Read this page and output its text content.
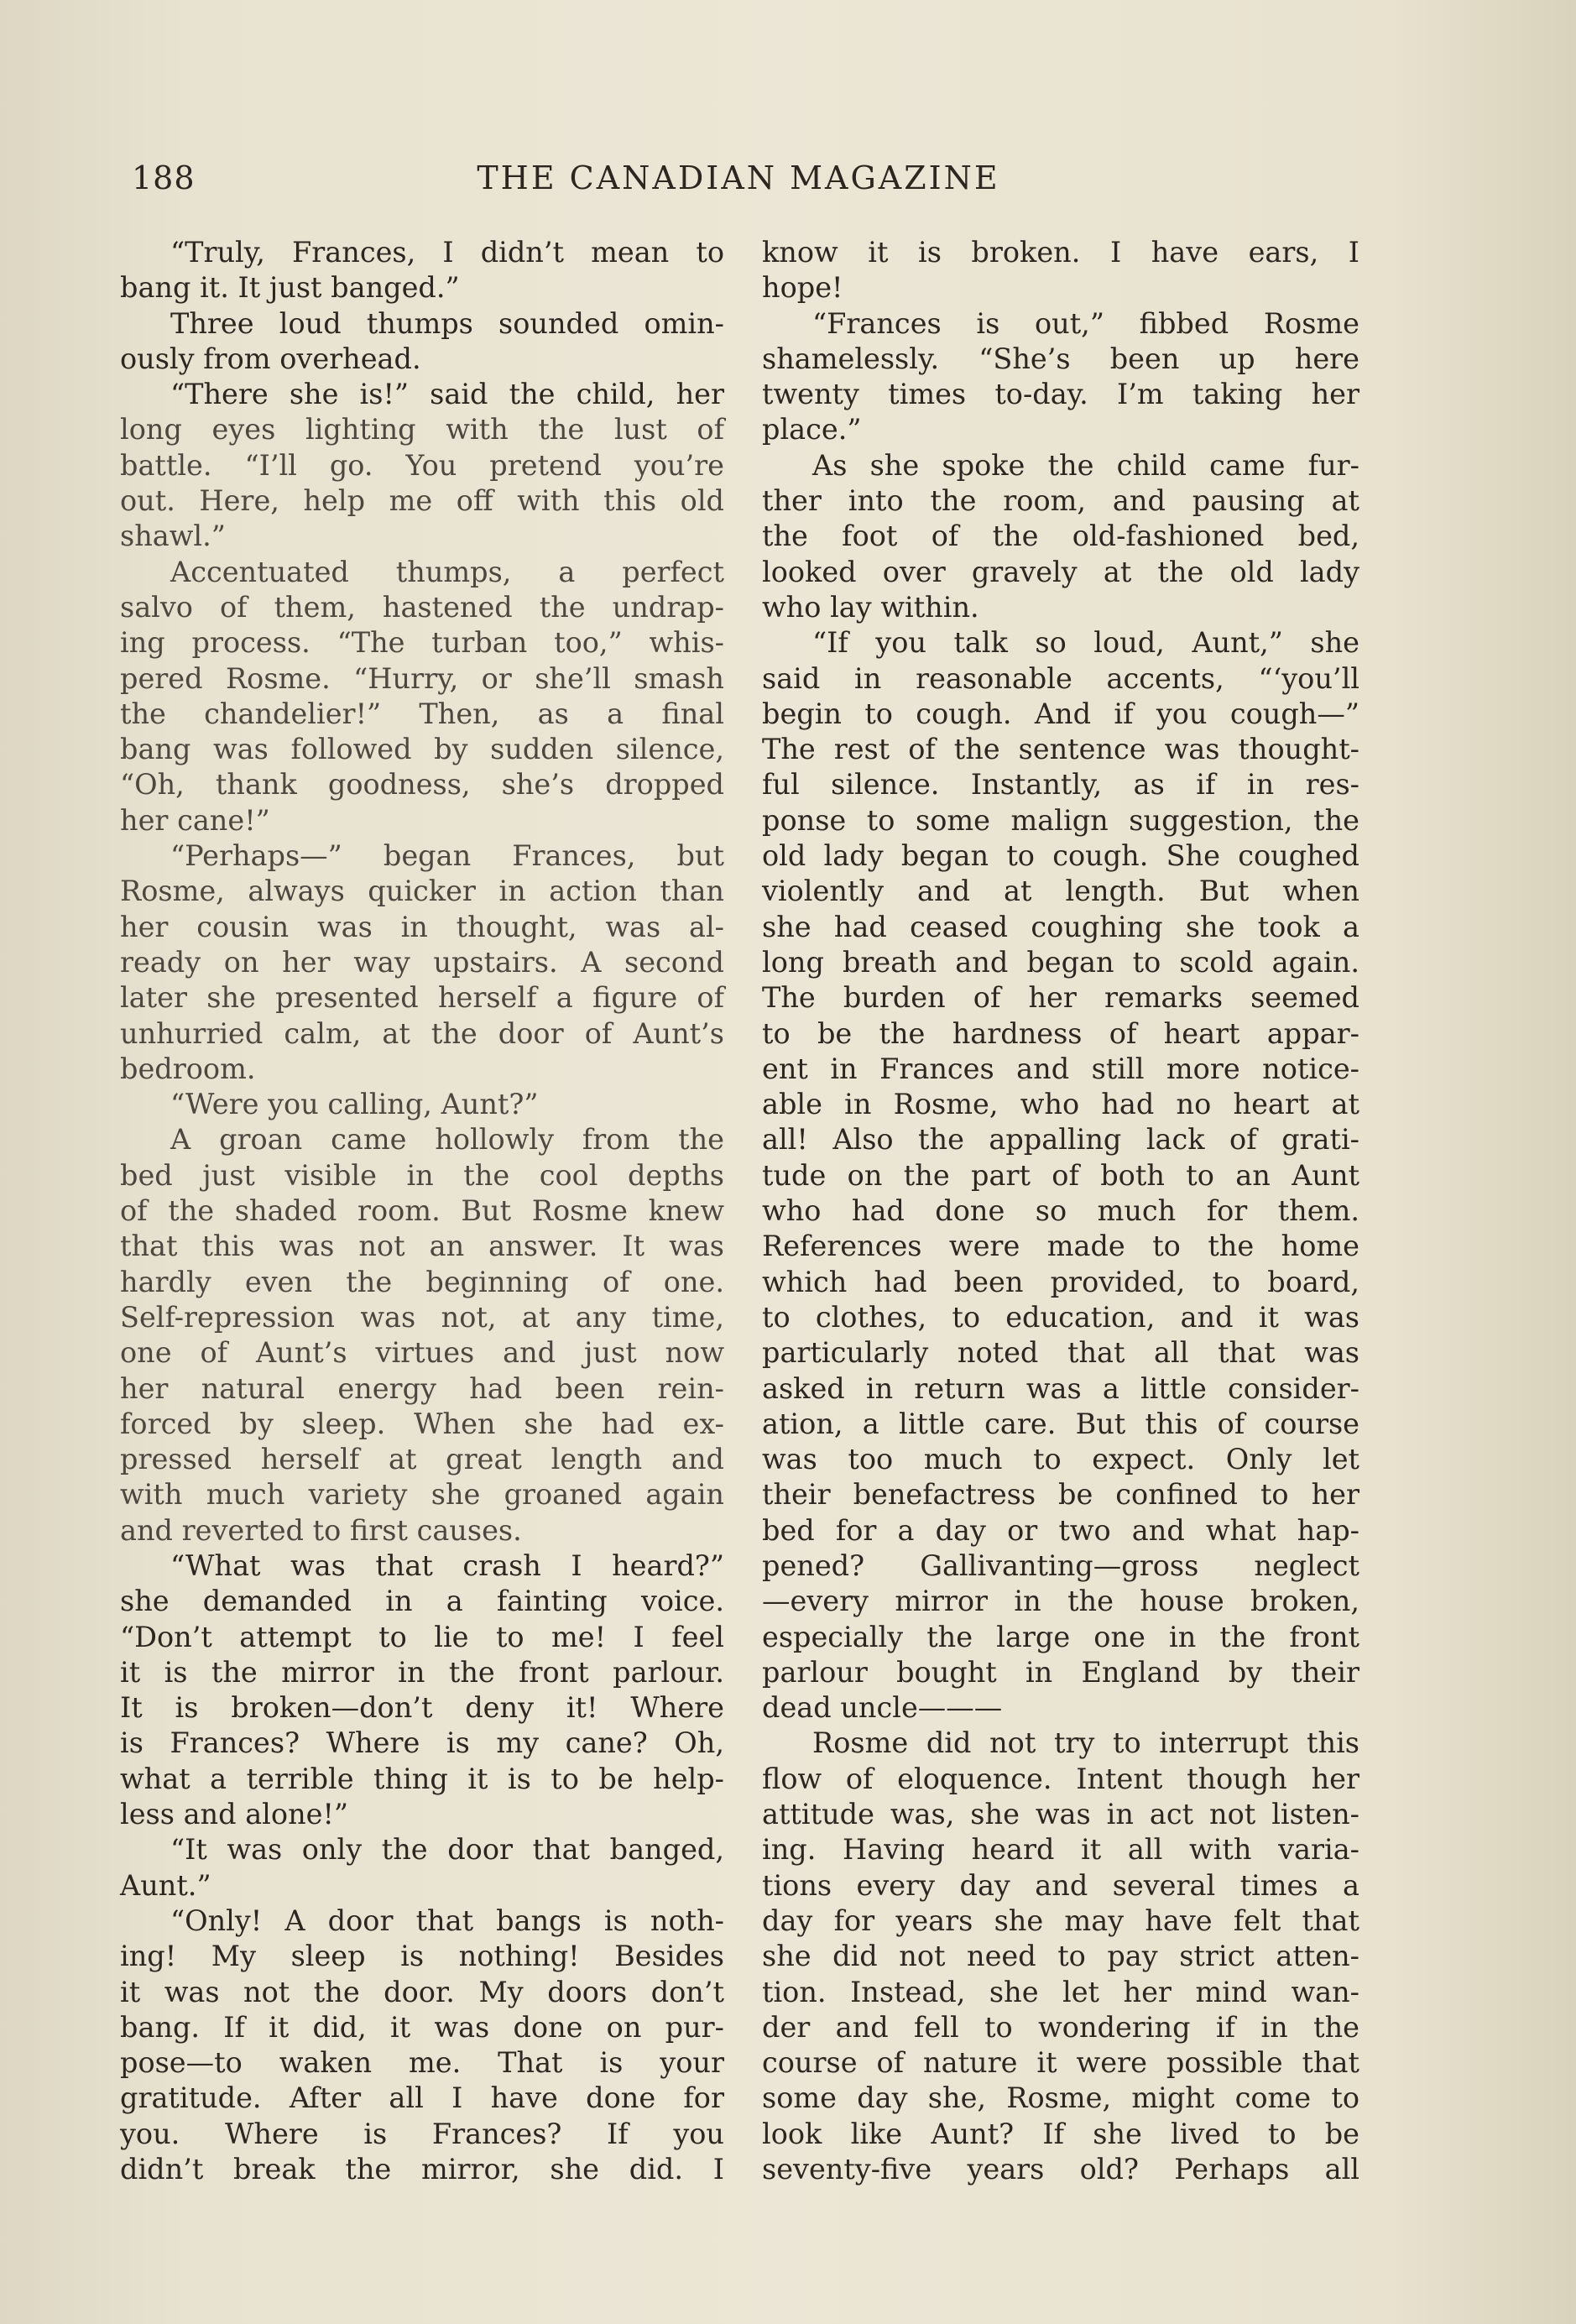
188	THE CANADIAN MAGAZINE
“Truly, Frances, I didn’t mean to
bang it. It just banged.”
Three loud thumps sounded omin-
ously from overhead.
“There she is!” said the child, her
long eyes lighting with the lust of
battle. “I’ll go. You pretend you’re
out. Here, help me off with this old
shawl.”
Accentuated thumps, a perfect
salvo of them, hastened the undrap-
ing process. “The turban too,” whis-
pered Rosme. “Hurry, or she’ll smash
the chandelier!” Then, as a final
bang was followed by sudden silence,
“Oh, thank goodness, she’s dropped
her cane!”
“Perhaps—” began Frances, but
Rosme, always quicker in action than
her cousin was in thought, was al-
ready on her way upstairs. A second
later she presented herself a figure of
unhurried calm, at the door of Aunt’s
bedroom.
“Were you calling, Aunt?”
A groan came hollowly from the
bed just visible in the cool depths
of the shaded room. But Rosme knew
that this was not an answer. It was
hardly even the beginning of one.
Self-repression was not, at any time,
one of Aunt’s virtues and just now
her natural energy had been rein-
forced by sleep. When she had ex-
pressed herself at great length and
with much variety she groaned again
and reverted to first causes.
“What was that crash I heard?”
she demanded in a fainting voice.
“Don’t attempt to lie to me! I feel
it is the mirror in the front parlour.
It is broken—don’t deny it! Where
is Frances? Where is my cane? Oh,
what a terrible thing it is to be help-
less and alone!”
“It was only the door that banged,
Aunt.”
“Only! A door that bangs is noth-
ing! My sleep is nothing! Besides
it was not the door. My doors don’t
bang. If it did, it was done on pur-
pose—to waken me. That is your
gratitude. After all I have done for
you. Where is Frances? If you
didn’t break the mirror, she did. I
know it is broken. I have ears, I
hope!
“Frances is out,” fibbed Rosme
shamelessly. “She’s been up here
twenty times to-day. I’m taking her
place.”
As she spoke the child came fur-
ther into the room, and pausing at
the foot of the old-fashioned bed,
looked over gravely at the old lady
who lay within.
“If you talk so loud, Aunt,” she
said in reasonable accents, “‘you’ll
begin to cough. And if you cough—”
The rest of the sentence was thought-
ful silence. Instantly, as if in res-
ponse to some malign suggestion, the
old lady began to cough. She coughed
violently and at length. But when
she had ceased coughing she took a
long breath and began to scold again.
The burden of her remarks seemed
to be the hardness of heart appar-
ent in Frances and still more notice-
able in Rosme, who had no heart at
all! Also the appalling lack of grati-
tude on the part of both to an Aunt
who had done so much for them.
References were made to the home
which had been provided, to board,
to clothes, to education, and it was
particularly noted that all that was
asked in return was a little consider-
ation, a little care. But this of course
was too much to expect. Only let
their benefactress be confined to her
bed for a day or two and what hap-
pened? Gallivanting—gross neglect
—every mirror in the house broken,
especially the large one in the front
parlour bought in England by their
dead uncle———
Rosme did not try to interrupt this
flow of eloquence. Intent though her
attitude was, she was in act not listen-
ing. Having heard it all with varia-
tions every day and several times a
day for years she may have felt that
she did not need to pay strict atten-
tion. Instead, she let her mind wan-
der and fell to wondering if in the
course of nature it were possible that
some day she, Rosme, might come to
look like Aunt? If she lived to be
seventy-five years old? Perhaps all
